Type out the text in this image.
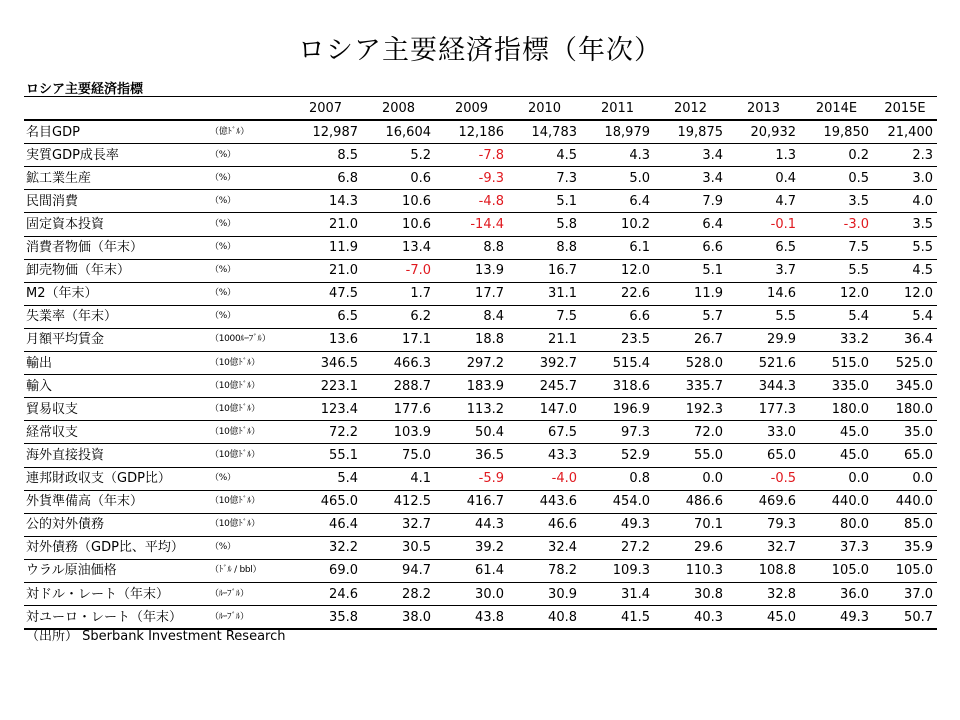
ロシア主要経済指標（年次）
ロシア主要経済指標
		2007	2008	2009	2010	2011	2012	2013	2014E	2015E
名目GDP	（億ﾄﾞﾙ）	12,987	16,604	12,186	14,783	18,979	19,875	20,932	19,850	21,400
実質GDP成長率	（%）	8.5	5.2	-7.8	4.5	4.3	3.4	1.3	0.2	2.3
鉱工業生産	（%）	6.8	0.6	-9.3	7.3	5.0	3.4	0.4	0.5	3.0
民間消費	（%）	14.3	10.6	-4.8	5.1	6.4	7.9	4.7	3.5	4.0
固定資本投資	（%）	21.0	10.6	-14.4	5.8	10.2	6.4	-0.1	-3.0	3.5
消費者物価（年末）	（%）	11.9	13.4	8.8	8.8	6.1	6.6	6.5	7.5	5.5
卸売物価（年末）	（%）	21.0	-7.0	13.9	16.7	12.0	5.1	3.7	5.5	4.5
M2（年末）	（%）	47.5	1.7	17.7	31.1	22.6	11.9	14.6	12.0	12.0
失業率（年末）	（%）	6.5	6.2	8.4	7.5	6.6	5.7	5.5	5.4	5.4
月額平均賃金	（1000ﾙｰﾌﾞﾙ）	13.6	17.1	18.8	21.1	23.5	26.7	29.9	33.2	36.4
輸出	（10億ﾄﾞﾙ）	346.5	466.3	297.2	392.7	515.4	528.0	521.6	515.0	525.0
輸入	（10億ﾄﾞﾙ）	223.1	288.7	183.9	245.7	318.6	335.7	344.3	335.0	345.0
貿易収支	（10億ﾄﾞﾙ）	123.4	177.6	113.2	147.0	196.9	192.3	177.3	180.0	180.0
経常収支	（10億ﾄﾞﾙ）	72.2	103.9	50.4	67.5	97.3	72.0	33.0	45.0	35.0
海外直接投資	（10億ﾄﾞﾙ）	55.1	75.0	36.5	43.3	52.9	55.0	65.0	45.0	65.0
連邦財政収支（GDP比）	（%）	5.4	4.1	-5.9	-4.0	0.8	0.0	-0.5	0.0	0.0
外貨準備高（年末）	（10億ﾄﾞﾙ）	465.0	412.5	416.7	443.6	454.0	486.6	469.6	440.0	440.0
公的対外債務	（10億ﾄﾞﾙ）	46.4	32.7	44.3	46.6	49.3	70.1	79.3	80.0	85.0
対外債務（GDP比、平均）	（%）	32.2	30.5	39.2	32.4	27.2	29.6	32.7	37.3	35.9
ウラル原油価格	（ﾄﾞﾙ / bbl）	69.0	94.7	61.4	78.2	109.3	110.3	108.8	105.0	105.0
対ドル・レート（年末）	（ﾙｰﾌﾞﾙ）	24.6	28.2	30.0	30.9	31.4	30.8	32.8	36.0	37.0
対ユーロ・レート（年末）	（ﾙｰﾌﾞﾙ）	35.8	38.0	43.8	40.8	41.5	40.3	45.0	49.3	50.7
（出所） Sberbank Investment Research
